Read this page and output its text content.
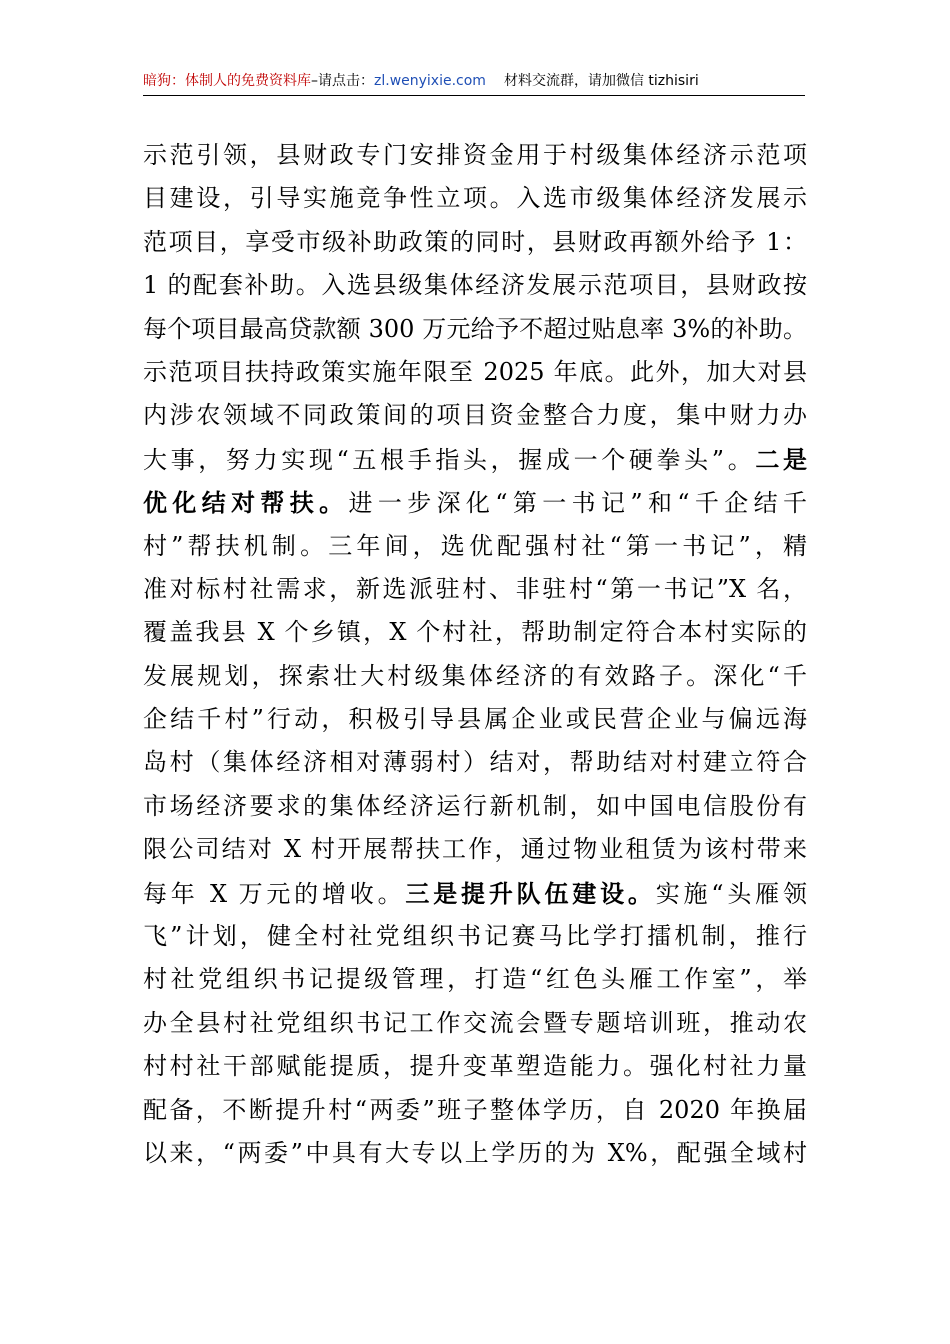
暗狗：体制人的免费资料库–请点击：zl.wenyixie.com 材料交流群，请加微信 tizhisiri
示范引领，县财政专门安排资金用于村级集体经济示范项
目建设，引导实施竞争性立项。入选市级集体经济发展示
范项目，享受市级补助政策的同时，县财政再额外给予 1：
1 的配套补助。入选县级集体经济发展示范项目，县财政按
每个项目最高贷款额 300 万元给予不超过贴息率 3%的补助。
示范项目扶持政策实施年限至 2025 年底。此外，加大对县
内涉农领域不同政策间的项目资金整合力度，集中财力办
大事，努力实现“五根手指头，握成一个硬拳头”。二是
优化结对帮扶。进一步深化“第一书记”和“千企结千
村”帮扶机制。三年间，选优配强村社“第一书记”，精
准对标村社需求，新选派驻村、非驻村“第一书记”X 名，
覆盖我县 X 个乡镇，X 个村社，帮助制定符合本村实际的
发展规划，探索壮大村级集体经济的有效路子。深化“千
企结千村”行动，积极引导县属企业或民营企业与偏远海
岛村（集体经济相对薄弱村）结对，帮助结对村建立符合
市场经济要求的集体经济运行新机制，如中国电信股份有
限公司结对 X 村开展帮扶工作，通过物业租赁为该村带来
每年 X 万元的增收。三是提升队伍建设。实施“头雁领
飞”计划，健全村社党组织书记赛马比学打擂机制，推行
村社党组织书记提级管理，打造“红色头雁工作室”，举
办全县村社党组织书记工作交流会暨专题培训班，推动农
村村社干部赋能提质，提升变革塑造能力。强化村社力量
配备，不断提升村“两委”班子整体学历，自 2020 年换届
以来，“两委”中具有大专以上学历的为 X%，配强全域村
